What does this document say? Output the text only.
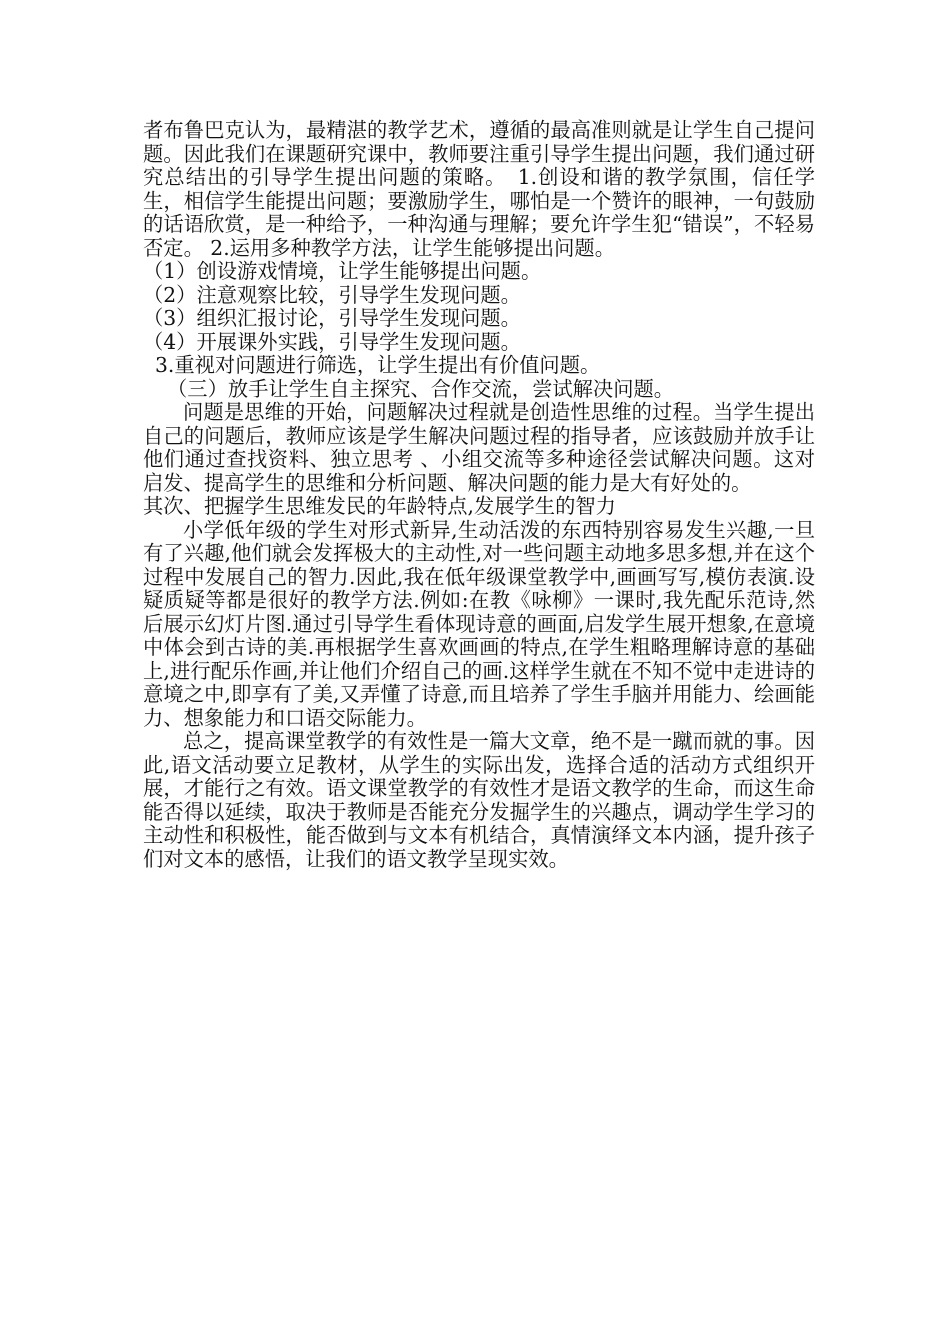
者布鲁巴克认为，最精湛的教学艺术，遵循的最高准则就是让学生自己提问题。因此我们在课题研究课中，教师要注重引导学生提出问题，我们通过研究总结出的引导学生提出问题的策略。　1.创设和谐的教学氛围，信任学生，相信学生能提出问题；要激励学生，哪怕是一个赞许的眼神，一句鼓励的话语欣赏，是一种给予，一种沟通与理解；要允许学生犯“错误”，不轻易否定。 2.运用多种教学方法，让学生能够提出问题。

（1）创设游戏情境，让学生能够提出问题。

（2）注意观察比较，引导学生发现问题。

（3）组织汇报讨论，引导学生发现问题。

（4）开展课外实践，引导学生发现问题。

3.重视对问题进行筛选，让学生提出有价值问题。

（三）放手让学生自主探究、合作交流，尝试解决问题。

问题是思维的开始，问题解决过程就是创造性思维的过程。当学生提出自己的问题后，教师应该是学生解决问题过程的指导者，应该鼓励并放手让他们通过查找资料、独立思考 、小组交流等多种途径尝试解决问题。这对启发、提高学生的思维和分析问题、解决问题的能力是大有好处的。

其次、把握学生思维发民的年龄特点,发展学生的智力

小学低年级的学生对形式新异,生动活泼的东西特别容易发生兴趣,一旦有了兴趣,他们就会发挥极大的主动性,对一些问题主动地多思多想,并在这个过程中发展自己的智力.因此,我在低年级课堂教学中,画画写写,模仿表演.设疑质疑等都是很好的教学方法.例如:在教《咏柳》一课时,我先配乐范诗,然后展示幻灯片图.通过引导学生看体现诗意的画面,启发学生展开想象,在意境中体会到古诗的美.再根据学生喜欢画画的特点,在学生粗略理解诗意的基础上,进行配乐作画,并让他们介绍自己的画.这样学生就在不知不觉中走进诗的意境之中,即享有了美,又弄懂了诗意,而且培养了学生手脑并用能力、绘画能力、想象能力和口语交际能力。

总之，提高课堂教学的有效性是一篇大文章，绝不是一蹴而就的事。因此,语文活动要立足教材，从学生的实际出发，选择合适的活动方式组织开展，才能行之有效。语文课堂教学的有效性才是语文教学的生命，而这生命能否得以延续，取决于教师是否能充分发掘学生的兴趣点，调动学生学习的主动性和积极性，能否做到与文本有机结合，真情演绎文本内涵，提升孩子们对文本的感悟，让我们的语文教学呈现实效。
